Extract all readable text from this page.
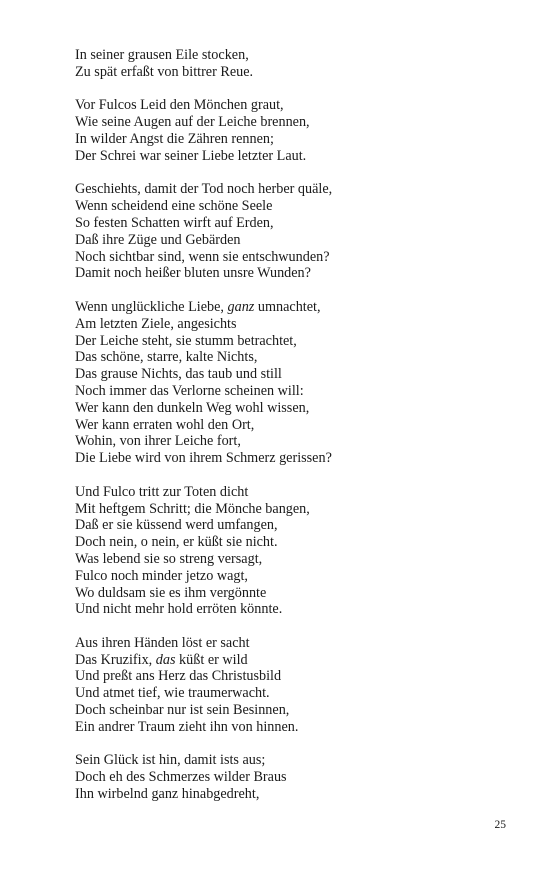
In seiner grausen Eile stocken,
Zu spät erfaßt von bittrer Reue.
Vor Fulcos Leid den Mönchen graut,
Wie seine Augen auf der Leiche brennen,
In wilder Angst die Zähren rennen;
Der Schrei war seiner Liebe letzter Laut.
Geschiehts, damit der Tod noch herber quäle,
Wenn scheidend eine schöne Seele
So festen Schatten wirft auf Erden,
Daß ihre Züge und Gebärden
Noch sichtbar sind, wenn sie entschwunden?
Damit noch heißer bluten unsre Wunden?
Wenn unglückliche Liebe, ganz umnachtet,
Am letzten Ziele, angesichts
Der Leiche steht, sie stumm betrachtet,
Das schöne, starre, kalte Nichts,
Das grause Nichts, das taub und still
Noch immer das Verlorne scheinen will:
Wer kann den dunkeln Weg wohl wissen,
Wer kann erraten wohl den Ort,
Wohin, von ihrer Leiche fort,
Die Liebe wird von ihrem Schmerz gerissen?
Und Fulco tritt zur Toten dicht
Mit heftgem Schritt; die Mönche bangen,
Daß er sie küssend werd umfangen,
Doch nein, o nein, er küßt sie nicht.
Was lebend sie so streng versagt,
Fulco noch minder jetzo wagt,
Wo duldsam sie es ihm vergönnte
Und nicht mehr hold erröten könnte.
Aus ihren Händen löst er sacht
Das Kruzifix, das küßt er wild
Und preßt ans Herz das Christusbild
Und atmet tief, wie traumerwacht.
Doch scheinbar nur ist sein Besinnen,
Ein andrer Traum zieht ihn von hinnen.
Sein Glück ist hin, damit ists aus;
Doch eh des Schmerzes wilder Braus
Ihn wirbelnd ganz hinabgedreht,
25
